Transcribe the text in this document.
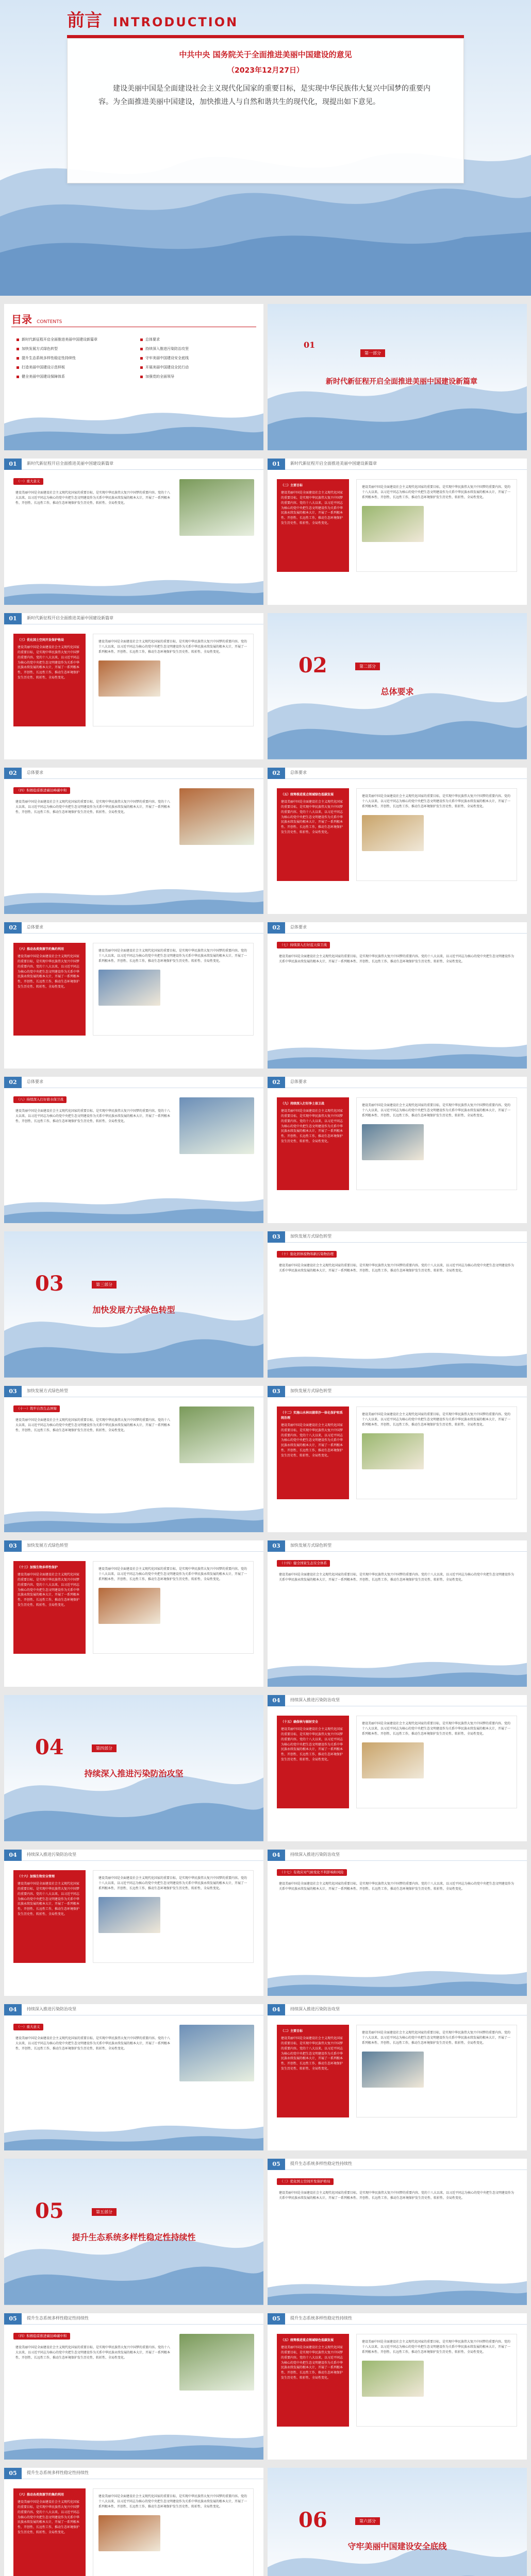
前言 INTRODUCTION
中共中央 国务院关于全面推进美丽中国建设的意见
（2023年12月27日）
建设美丽中国是全面建设社会主义现代化国家的重要目标，是实现中华民族伟大复兴中国梦的重要内容。为全面推进美丽中国建设，加快推进人与自然和谐共生的现代化，现提出如下意见。
目录 CONTENTS
新时代新征程开启全面推进美丽中国建设新篇章	总体要求
加快发展方式绿色转型	持续深入推进污染防治攻坚
提升生态系统多样性稳定性持续性	守牢美丽中国建设安全底线
打造美丽中国建设示范样板	开展美丽中国建设全民行动
健全美丽中国建设保障体系	加强党的全面领导
01
第一部分
新时代新征程开启全面推进美丽中国建设新篇章
01	新时代新征程开启全面推进美丽中国建设新篇章
（一）重大意义
建设美丽中国是全面建设社会主义现代化国家的重要目标，是实现中华民族伟大复兴中国梦的重要内容。党的十八大以来，以习近平同志为核心的党中央把生态文明建设作为关系中华民族永续发展的根本大计，开展了一系列根本性、开创性、长远性工作，推动生态环境保护发生历史性、转折性、全局性变化。
01	新时代新征程开启全面推进美丽中国建设新篇章
（二）主要目标
建设美丽中国是全面建设社会主义现代化国家的重要目标，是实现中华民族伟大复兴中国梦的重要内容。党的十八大以来，以习近平同志为核心的党中央把生态文明建设作为关系中华民族永续发展的根本大计，开展了一系列根本性、开创性、长远性工作，推动生态环境保护发生历史性、转折性、全局性变化。
建设美丽中国是全面建设社会主义现代化国家的重要目标，是实现中华民族伟大复兴中国梦的重要内容。党的十八大以来，以习近平同志为核心的党中央把生态文明建设作为关系中华民族永续发展的根本大计，开展了一系列根本性、开创性、长远性工作，推动生态环境保护发生历史性、转折性、全局性变化。
01	新时代新征程开启全面推进美丽中国建设新篇章
（三）优化国土空间开发保护格局
建设美丽中国是全面建设社会主义现代化国家的重要目标，是实现中华民族伟大复兴中国梦的重要内容。党的十八大以来，以习近平同志为核心的党中央把生态文明建设作为关系中华民族永续发展的根本大计，开展了一系列根本性、开创性、长远性工作，推动生态环境保护发生历史性、转折性、全局性变化。
建设美丽中国是全面建设社会主义现代化国家的重要目标，是实现中华民族伟大复兴中国梦的重要内容。党的十八大以来，以习近平同志为核心的党中央把生态文明建设作为关系中华民族永续发展的根本大计，开展了一系列根本性、开创性、长远性工作，推动生态环境保护发生历史性、转折性、全局性变化。
02	第二部分
总体要求
02	总体要求
（四）积极稳妥推进碳达峰碳中和
建设美丽中国是全面建设社会主义现代化国家的重要目标，是实现中华民族伟大复兴中国梦的重要内容。党的十八大以来，以习近平同志为核心的党中央把生态文明建设作为关系中华民族永续发展的根本大计，开展了一系列根本性、开创性、长远性工作，推动生态环境保护发生历史性、转折性、全局性变化。
02	总体要求
（五）统筹推进重点领域绿色低碳发展
建设美丽中国是全面建设社会主义现代化国家的重要目标，是实现中华民族伟大复兴中国梦的重要内容。党的十八大以来，以习近平同志为核心的党中央把生态文明建设作为关系中华民族永续发展的根本大计，开展了一系列根本性、开创性、长远性工作，推动生态环境保护发生历史性、转折性、全局性变化。
建设美丽中国是全面建设社会主义现代化国家的重要目标，是实现中华民族伟大复兴中国梦的重要内容。党的十八大以来，以习近平同志为核心的党中央把生态文明建设作为关系中华民族永续发展的根本大计，开展了一系列根本性、开创性、长远性工作，推动生态环境保护发生历史性、转折性、全局性变化。
02	总体要求
（六）推动各类资源节约集约利用
建设美丽中国是全面建设社会主义现代化国家的重要目标，是实现中华民族伟大复兴中国梦的重要内容。党的十八大以来，以习近平同志为核心的党中央把生态文明建设作为关系中华民族永续发展的根本大计，开展了一系列根本性、开创性、长远性工作，推动生态环境保护发生历史性、转折性、全局性变化。
建设美丽中国是全面建设社会主义现代化国家的重要目标，是实现中华民族伟大复兴中国梦的重要内容。党的十八大以来，以习近平同志为核心的党中央把生态文明建设作为关系中华民族永续发展的根本大计，开展了一系列根本性、开创性、长远性工作，推动生态环境保护发生历史性、转折性、全局性变化。
02	总体要求
（七）持续深入打好蓝天保卫战
建设美丽中国是全面建设社会主义现代化国家的重要目标，是实现中华民族伟大复兴中国梦的重要内容。党的十八大以来，以习近平同志为核心的党中央把生态文明建设作为关系中华民族永续发展的根本大计，开展了一系列根本性、开创性、长远性工作，推动生态环境保护发生历史性、转折性、全局性变化。
02	总体要求
（八）持续深入打好碧水保卫战
建设美丽中国是全面建设社会主义现代化国家的重要目标，是实现中华民族伟大复兴中国梦的重要内容。党的十八大以来，以习近平同志为核心的党中央把生态文明建设作为关系中华民族永续发展的根本大计，开展了一系列根本性、开创性、长远性工作，推动生态环境保护发生历史性、转折性、全局性变化。
02	总体要求
（九）持续深入打好净土保卫战
建设美丽中国是全面建设社会主义现代化国家的重要目标，是实现中华民族伟大复兴中国梦的重要内容。党的十八大以来，以习近平同志为核心的党中央把生态文明建设作为关系中华民族永续发展的根本大计，开展了一系列根本性、开创性、长远性工作，推动生态环境保护发生历史性、转折性、全局性变化。
建设美丽中国是全面建设社会主义现代化国家的重要目标，是实现中华民族伟大复兴中国梦的重要内容。党的十八大以来，以习近平同志为核心的党中央把生态文明建设作为关系中华民族永续发展的根本大计，开展了一系列根本性、开创性、长远性工作，推动生态环境保护发生历史性、转折性、全局性变化。
03	第三部分
加快发展方式绿色转型
03	加快发展方式绿色转型
（十）强化固体废物和新污染物治理
建设美丽中国是全面建设社会主义现代化国家的重要目标，是实现中华民族伟大复兴中国梦的重要内容。党的十八大以来，以习近平同志为核心的党中央把生态文明建设作为关系中华民族永续发展的根本大计，开展了一系列根本性、开创性、长远性工作，推动生态环境保护发生历史性、转折性、全局性变化。
03	加快发展方式绿色转型
（十一）筑牢自然生态屏障
建设美丽中国是全面建设社会主义现代化国家的重要目标，是实现中华民族伟大复兴中国梦的重要内容。党的十八大以来，以习近平同志为核心的党中央把生态文明建设作为关系中华民族永续发展的根本大计，开展了一系列根本性、开创性、长远性工作，推动生态环境保护发生历史性、转折性、全局性变化。
03	加快发展方式绿色转型
（十二）实施山水林田湖草沙一体化保护和系统治理
建设美丽中国是全面建设社会主义现代化国家的重要目标，是实现中华民族伟大复兴中国梦的重要内容。党的十八大以来，以习近平同志为核心的党中央把生态文明建设作为关系中华民族永续发展的根本大计，开展了一系列根本性、开创性、长远性工作，推动生态环境保护发生历史性、转折性、全局性变化。
建设美丽中国是全面建设社会主义现代化国家的重要目标，是实现中华民族伟大复兴中国梦的重要内容。党的十八大以来，以习近平同志为核心的党中央把生态文明建设作为关系中华民族永续发展的根本大计，开展了一系列根本性、开创性、长远性工作，推动生态环境保护发生历史性、转折性、全局性变化。
03	加快发展方式绿色转型
（十三）加强生物多样性保护
建设美丽中国是全面建设社会主义现代化国家的重要目标，是实现中华民族伟大复兴中国梦的重要内容。党的十八大以来，以习近平同志为核心的党中央把生态文明建设作为关系中华民族永续发展的根本大计，开展了一系列根本性、开创性、长远性工作，推动生态环境保护发生历史性、转折性、全局性变化。
建设美丽中国是全面建设社会主义现代化国家的重要目标，是实现中华民族伟大复兴中国梦的重要内容。党的十八大以来，以习近平同志为核心的党中央把生态文明建设作为关系中华民族永续发展的根本大计，开展了一系列根本性、开创性、长远性工作，推动生态环境保护发生历史性、转折性、全局性变化。
03	加快发展方式绿色转型
（十四）健全国家生态安全体系
建设美丽中国是全面建设社会主义现代化国家的重要目标，是实现中华民族伟大复兴中国梦的重要内容。党的十八大以来，以习近平同志为核心的党中央把生态文明建设作为关系中华民族永续发展的根本大计，开展了一系列根本性、开创性、长远性工作，推动生态环境保护发生历史性、转折性、全局性变化。
04	第四部分
持续深入推进污染防治攻坚
04	持续深入推进污染防治攻坚
（十五）确保核与辐射安全
建设美丽中国是全面建设社会主义现代化国家的重要目标，是实现中华民族伟大复兴中国梦的重要内容。党的十八大以来，以习近平同志为核心的党中央把生态文明建设作为关系中华民族永续发展的根本大计，开展了一系列根本性、开创性、长远性工作，推动生态环境保护发生历史性、转折性、全局性变化。
建设美丽中国是全面建设社会主义现代化国家的重要目标，是实现中华民族伟大复兴中国梦的重要内容。党的十八大以来，以习近平同志为核心的党中央把生态文明建设作为关系中华民族永续发展的根本大计，开展了一系列根本性、开创性、长远性工作，推动生态环境保护发生历史性、转折性、全局性变化。
04	持续深入推进污染防治攻坚
（十六）加强生物安全管理
建设美丽中国是全面建设社会主义现代化国家的重要目标，是实现中华民族伟大复兴中国梦的重要内容。党的十八大以来，以习近平同志为核心的党中央把生态文明建设作为关系中华民族永续发展的根本大计，开展了一系列根本性、开创性、长远性工作，推动生态环境保护发生历史性、转折性、全局性变化。
建设美丽中国是全面建设社会主义现代化国家的重要目标，是实现中华民族伟大复兴中国梦的重要内容。党的十八大以来，以习近平同志为核心的党中央把生态文明建设作为关系中华民族永续发展的根本大计，开展了一系列根本性、开创性、长远性工作，推动生态环境保护发生历史性、转折性、全局性变化。
04	持续深入推进污染防治攻坚
（十七）有效应对气候变化不利影响和风险
建设美丽中国是全面建设社会主义现代化国家的重要目标，是实现中华民族伟大复兴中国梦的重要内容。党的十八大以来，以习近平同志为核心的党中央把生态文明建设作为关系中华民族永续发展的根本大计，开展了一系列根本性、开创性、长远性工作，推动生态环境保护发生历史性、转折性、全局性变化。
04	持续深入推进污染防治攻坚
（一）重大意义
建设美丽中国是全面建设社会主义现代化国家的重要目标，是实现中华民族伟大复兴中国梦的重要内容。党的十八大以来，以习近平同志为核心的党中央把生态文明建设作为关系中华民族永续发展的根本大计，开展了一系列根本性、开创性、长远性工作，推动生态环境保护发生历史性、转折性、全局性变化。
04	持续深入推进污染防治攻坚
（二）主要目标
建设美丽中国是全面建设社会主义现代化国家的重要目标，是实现中华民族伟大复兴中国梦的重要内容。党的十八大以来，以习近平同志为核心的党中央把生态文明建设作为关系中华民族永续发展的根本大计，开展了一系列根本性、开创性、长远性工作，推动生态环境保护发生历史性、转折性、全局性变化。
建设美丽中国是全面建设社会主义现代化国家的重要目标，是实现中华民族伟大复兴中国梦的重要内容。党的十八大以来，以习近平同志为核心的党中央把生态文明建设作为关系中华民族永续发展的根本大计，开展了一系列根本性、开创性、长远性工作，推动生态环境保护发生历史性、转折性、全局性变化。
05	第五部分
提升生态系统多样性稳定性持续性
05	提升生态系统多样性稳定性持续性
（三）优化国土空间开发保护格局
建设美丽中国是全面建设社会主义现代化国家的重要目标，是实现中华民族伟大复兴中国梦的重要内容。党的十八大以来，以习近平同志为核心的党中央把生态文明建设作为关系中华民族永续发展的根本大计，开展了一系列根本性、开创性、长远性工作，推动生态环境保护发生历史性、转折性、全局性变化。
05	提升生态系统多样性稳定性持续性
（四）积极稳妥推进碳达峰碳中和
建设美丽中国是全面建设社会主义现代化国家的重要目标，是实现中华民族伟大复兴中国梦的重要内容。党的十八大以来，以习近平同志为核心的党中央把生态文明建设作为关系中华民族永续发展的根本大计，开展了一系列根本性、开创性、长远性工作，推动生态环境保护发生历史性、转折性、全局性变化。
05	提升生态系统多样性稳定性持续性
（五）统筹推进重点领域绿色低碳发展
建设美丽中国是全面建设社会主义现代化国家的重要目标，是实现中华民族伟大复兴中国梦的重要内容。党的十八大以来，以习近平同志为核心的党中央把生态文明建设作为关系中华民族永续发展的根本大计，开展了一系列根本性、开创性、长远性工作，推动生态环境保护发生历史性、转折性、全局性变化。
建设美丽中国是全面建设社会主义现代化国家的重要目标，是实现中华民族伟大复兴中国梦的重要内容。党的十八大以来，以习近平同志为核心的党中央把生态文明建设作为关系中华民族永续发展的根本大计，开展了一系列根本性、开创性、长远性工作，推动生态环境保护发生历史性、转折性、全局性变化。
05	提升生态系统多样性稳定性持续性
（六）推动各类资源节约集约利用
建设美丽中国是全面建设社会主义现代化国家的重要目标，是实现中华民族伟大复兴中国梦的重要内容。党的十八大以来，以习近平同志为核心的党中央把生态文明建设作为关系中华民族永续发展的根本大计，开展了一系列根本性、开创性、长远性工作，推动生态环境保护发生历史性、转折性、全局性变化。
建设美丽中国是全面建设社会主义现代化国家的重要目标，是实现中华民族伟大复兴中国梦的重要内容。党的十八大以来，以习近平同志为核心的党中央把生态文明建设作为关系中华民族永续发展的根本大计，开展了一系列根本性、开创性、长远性工作，推动生态环境保护发生历史性、转折性、全局性变化。
06	第六部分
守牢美丽中国建设安全底线
